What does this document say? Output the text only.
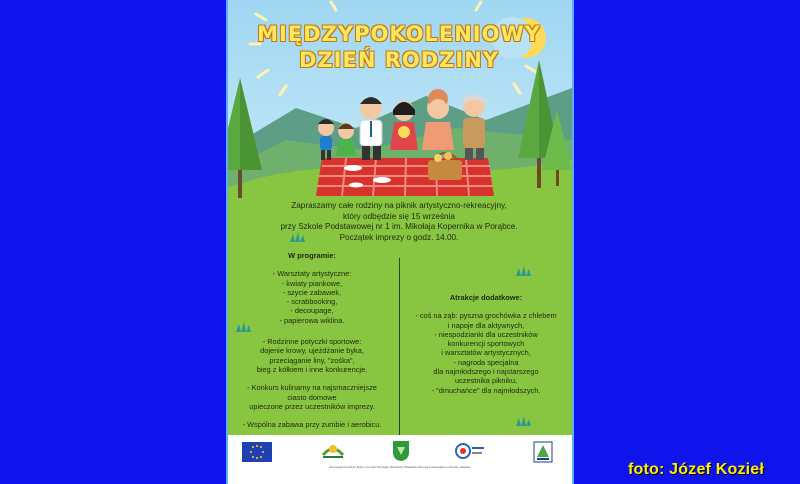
MIĘDZYPOKOLENIOWY
DZIEŃ RODZINY
Zapraszamy całe rodziny na piknik artystyczno-rekreacyjny,
który odbędzie się 15 września
przy Szkole Podstawowej nr 1 im. Mikołaja Kopernika w Porąbce.
Początek imprezy o godz. 14.00.
W programie:
- Warsztaty artystyczne:
- kwiaty piankowe,
- szycie zabawek,
- scrabbooking,
- decoupage,
- papierowa wiklina.
- Rodzinne potyczki sportowe:
dojenie krowy, ujeżdżanie byka,
przeciąganie liny, "zośka",
bieg z kółkiem i inne konkurencje.
- Konkurs kulinarny na najsmaczniejsze
ciasto domowe
upieczone przez uczestników imprezy.
- Wspólna zabawa przy zumbie i aerobicu.
Atrakcje dodatkowe:
- coś na ząb: pyszna grochówka z chlebem
i napoje dla aktywnych,
- niespodzianki dla uczestników
konkurencji sportowych
i warsztatów artystycznych,
- nagroda specjalna
dla najmłodszego i najstarszego
uczestnika pikniku,
- "dmuchańce" dla najmłodszych.
Europejski Fundusz Rolny na rzecz Rozwoju Obszarów Wiejskich: Europa inwestująca w obszary wiejskie	foto: Józef Kozieł
